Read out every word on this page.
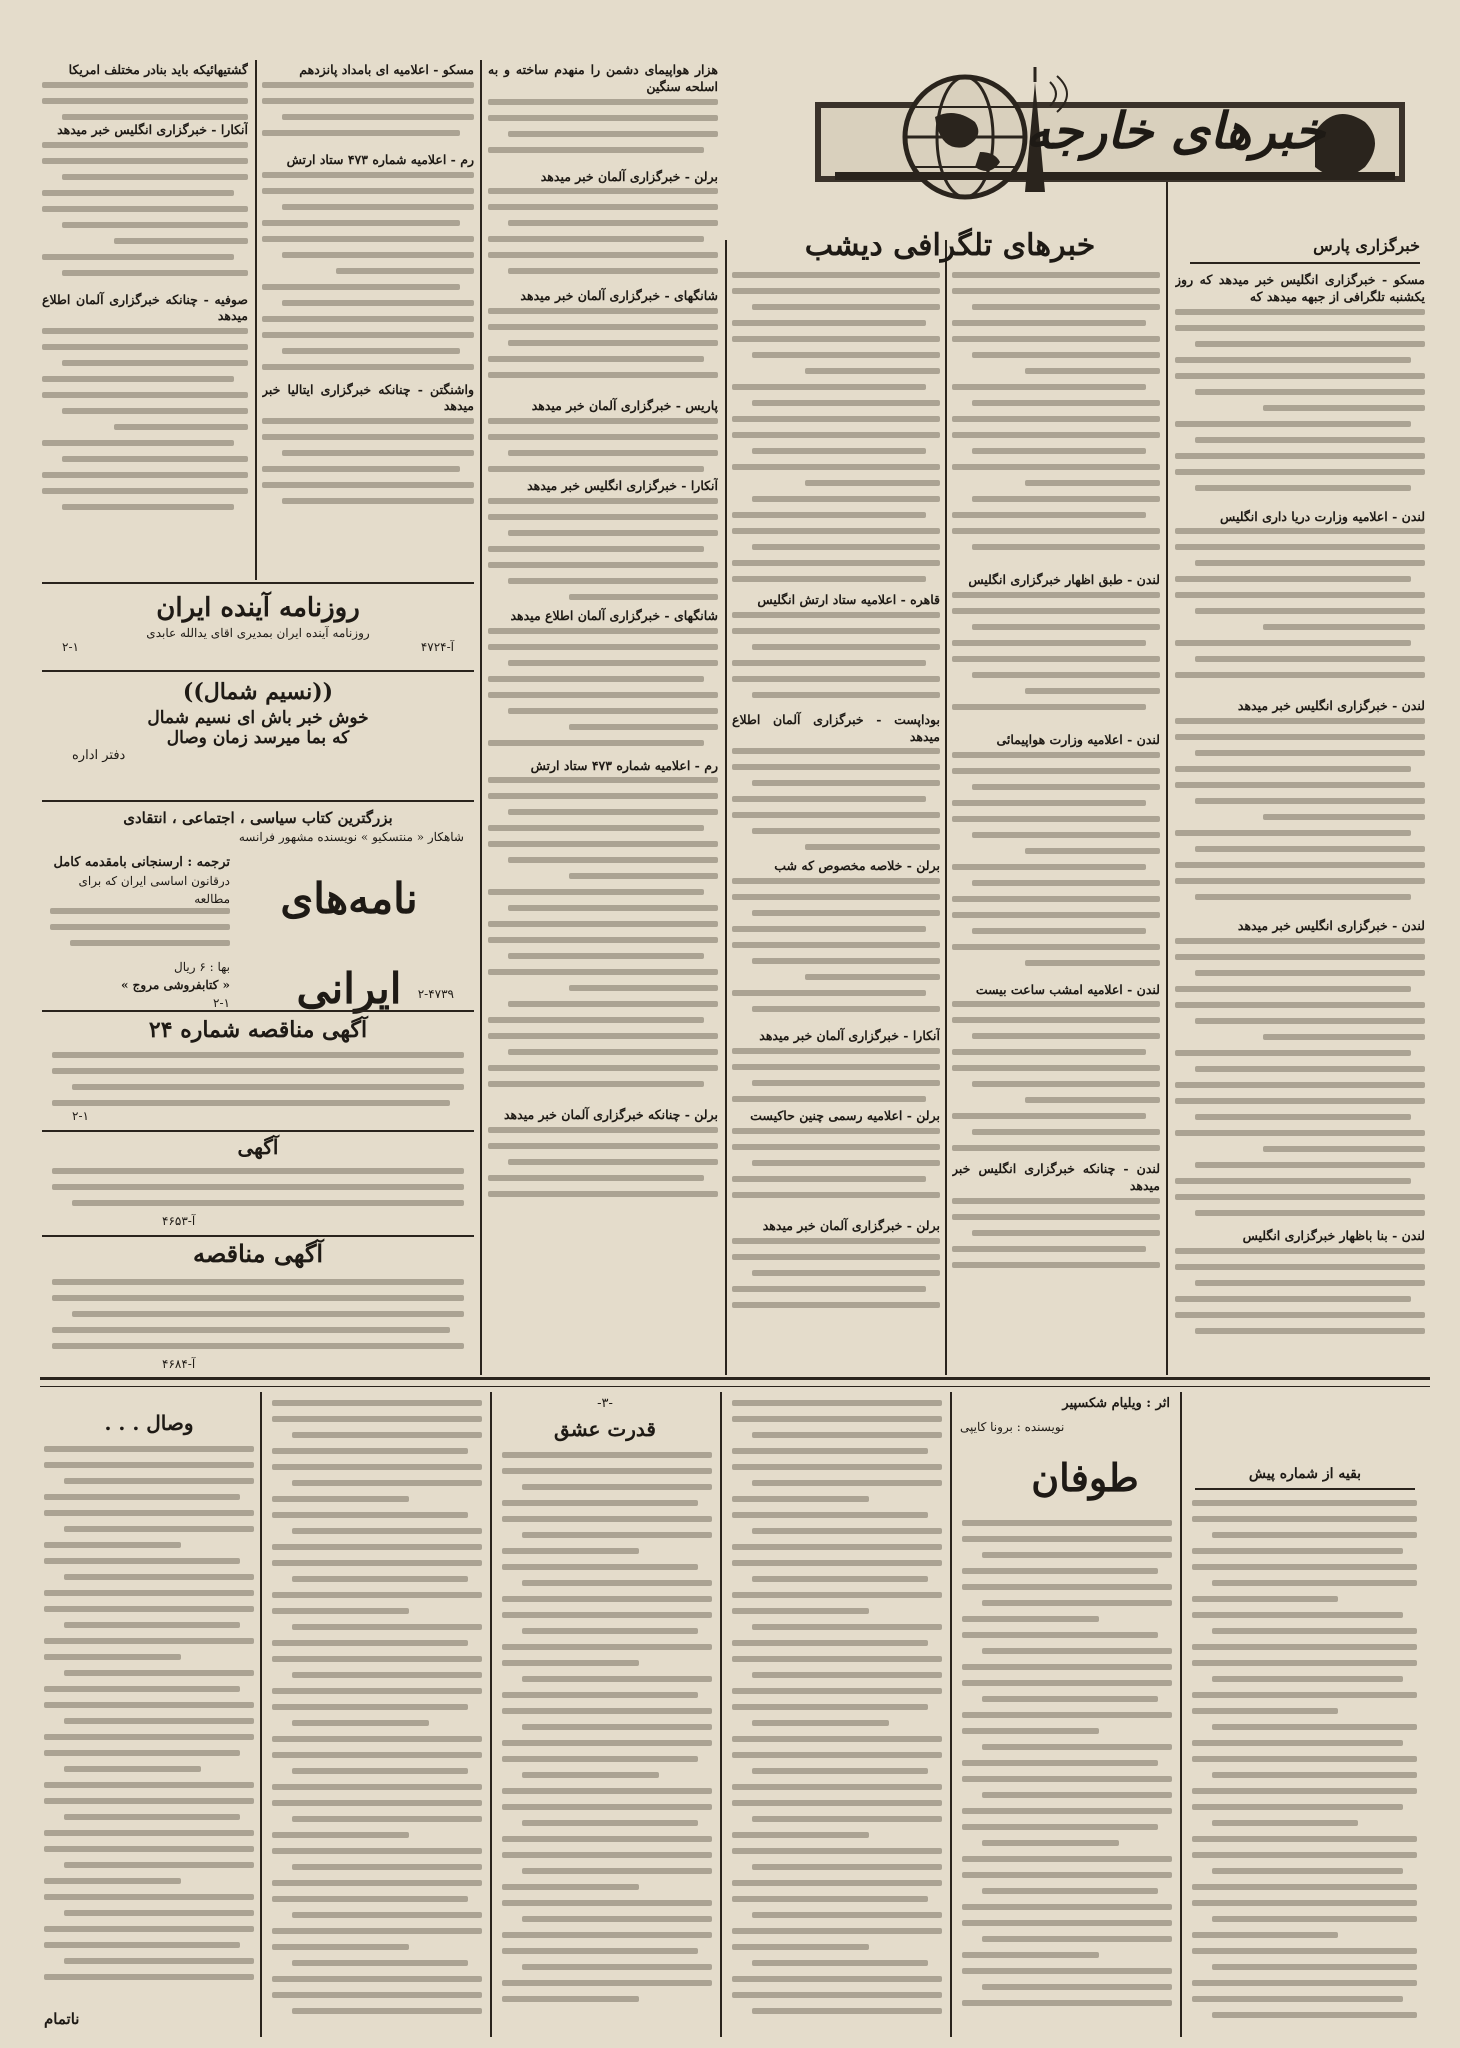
خبرهای خارجه
خبرگزاری پارس
خبرهای تلگرافی دیشب

مسکو - خبرگزاری انگلیس خبر میدهد که روز یکشنبه تلگرافی از جبهه میدهد که

لندن - اعلامیه وزارت دریا داری انگلیس

لندن - خبرگزاری انگلیس خبر میدهد

لندن - خبرگزاری انگلیس خبر میدهد

لندن - بنا باظهار خبرگزاری انگلیس

لندن - طبق اظهار خبرگزاری انگلیس

لندن - اعلامیه وزارت هواپیمائی

لندن - اعلامیه امشب ساعت بیست

لندن - چنانکه خبرگزاری انگلیس خبر میدهد

قاهره - اعلامیه ستاد ارتش انگلیس

بوداپست - خبرگزاری آلمان اطلاع میدهد

برلن - خلاصه مخصوص که شب

آنکارا - خبرگزاری آلمان خبر میدهد

برلن - اعلامیه رسمی چنین حاکیست

برلن - خبرگزاری آلمان خبر میدهد

هزار هواپیمای دشمن را منهدم ساخته و به اسلحه سنگین

برلن - خبرگزاری آلمان خبر میدهد

شانگهای - خبرگزاری آلمان خبر میدهد

پاریس - خبرگزاری آلمان خبر میدهد

آنکارا - خبرگزاری انگلیس خبر میدهد

شانگهای - خبرگزاری آلمان اطلاع میدهد

رم - اعلامیه شماره ۴۷۳ ستاد ارتش

برلن - چنانکه خبرگزاری آلمان خبر میدهد

مسکو - اعلامیه ای بامداد پانزدهم

رم - اعلامیه شماره ۴۷۳ ستاد ارتش

واشنگتن - چنانکه خبرگزاری ایتالیا خبر میدهد

گشتیهائیکه باید بنادر مختلف امریکا

آنکارا - خبرگزاری انگلیس خبر میدهد

صوفیه - چنانکه خبرگزاری آلمان اطلاع میدهد

روزنامه آینده ایران
روزنامه آینده ایران بمدیری اقای یدالله عابدی
آ-۴۷۲۴
۲-۱
((نسیم شمال))
خوش خبر باش ای نسیم شمال
که بما میرسد زمان وصال
دفتر اداره
بزرگترین کتاب سیاسی ، اجتماعی ، انتقادی
شاهکار « منتسکیو » نویسنده مشهور فرانسه
نامه‌های ایرانی
ترجمه : ارسنجانی بامقدمه کامل
درقانون اساسی ایران که برای مطالعه
بها : ۶ ریال
« کتابفروشی مروج »
۲-۱
۲-۴۷۳۹
آگهی مناقصه شماره ۲۴
۲-۱
آگهی
آ-۴۶۵۳
آگهی مناقصه
آ-۴۶۸۴
اثر : ویلیام شکسپیر
نویسنده : برونا کایپی
طوفان	بقیه از شماره پیش
-۳-
قدرت عشق
وصال . . .
ناتمام
